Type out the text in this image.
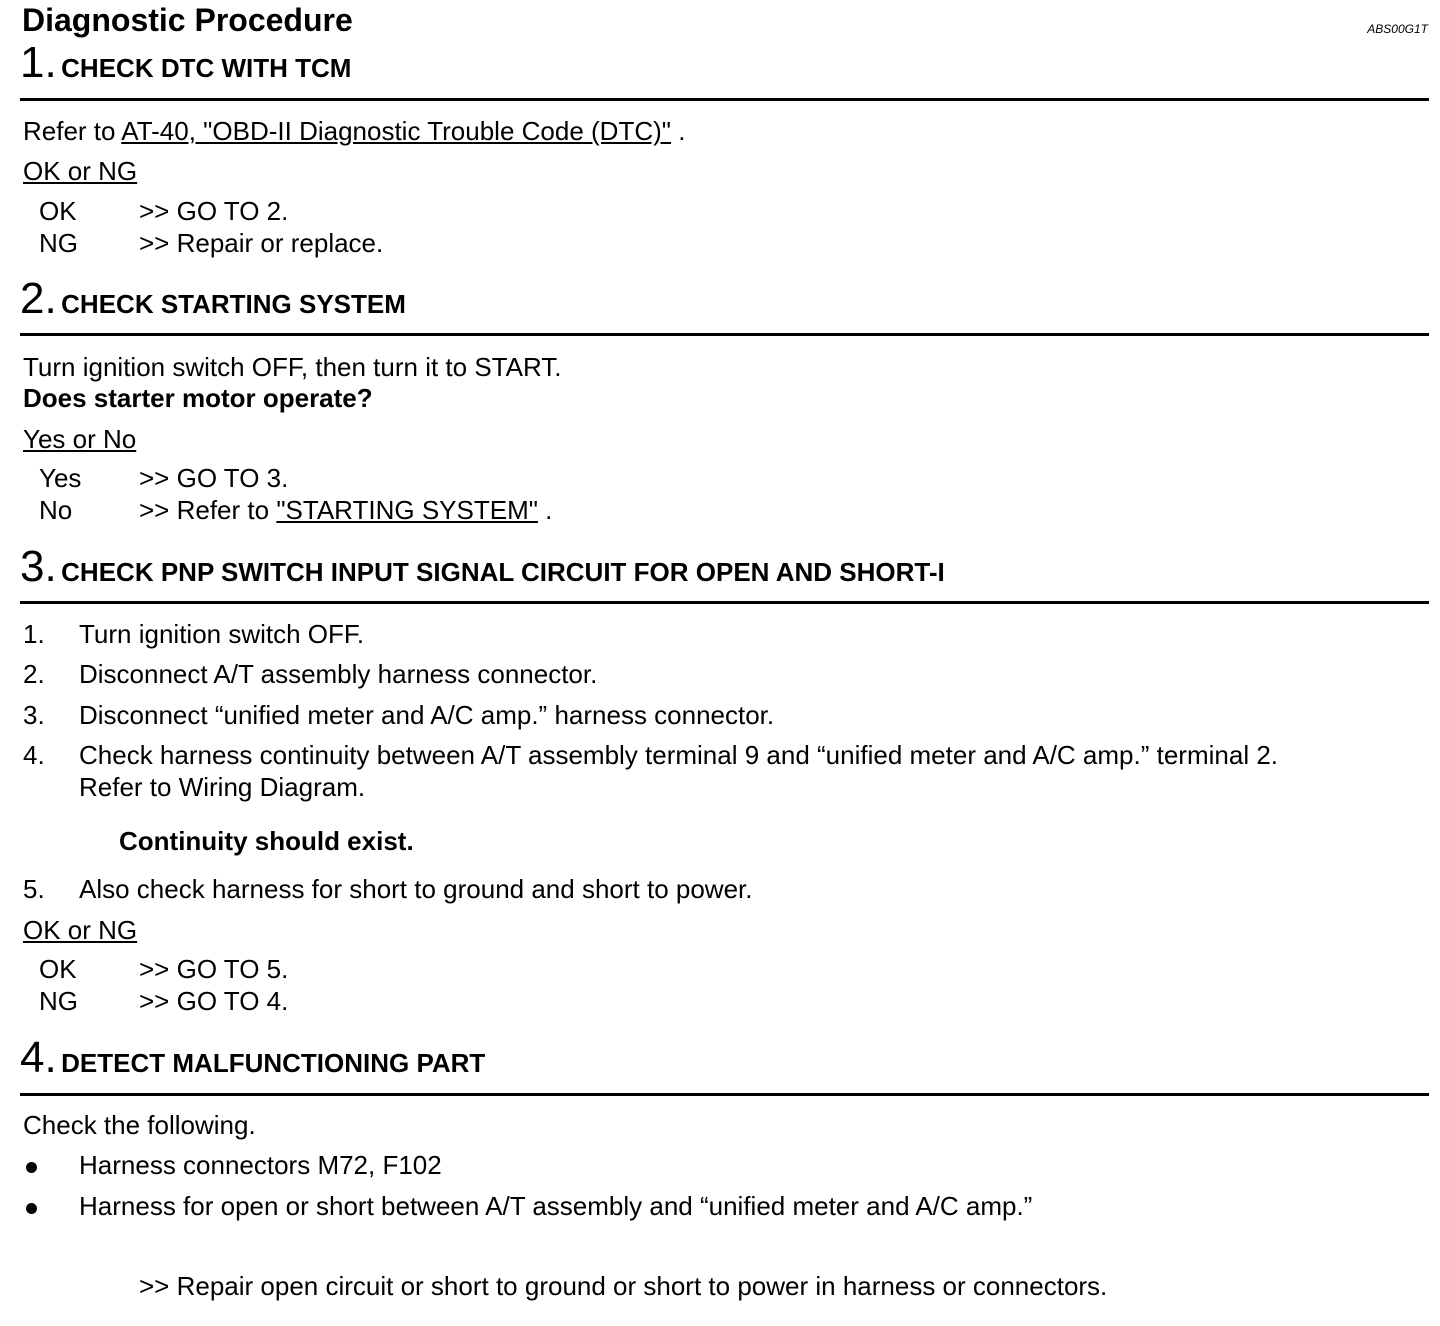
Diagnostic Procedure	ABS00G1T
1. CHECK DTC WITH TCM
Refer to AT-40, "OBD-II Diagnostic Trouble Code (DTC)" .
OK or NG
OK >> GO TO 2.
NG >> Repair or replace.
2. CHECK STARTING SYSTEM
Turn ignition switch OFF, then turn it to START.
Does starter motor operate?
Yes or No
Yes >> GO TO 3.
No	>> Refer to "STARTING SYSTEM" .
3. CHECK PNP SWITCH INPUT SIGNAL CIRCUIT FOR OPEN AND SHORT-I
1. Turn ignition switch OFF.
2. Disconnect A/T assembly harness connector.
3. Disconnect “unified meter and A/C amp.” harness connector.
4. Check harness continuity between A/T assembly terminal 9 and “unified meter and A/C amp.” terminal 2.
Refer to Wiring Diagram.
Continuity should exist.
5. Also check harness for short to ground and short to power.
OK or NG
OK >> GO TO 5.
NG >> GO TO 4.
4. DETECT MALFUNCTIONING PART
Check the following.
Harness connectors M72, F102
Harness for open or short between A/T assembly and “unified meter and A/C amp.”
>> Repair open circuit or short to ground or short to power in harness or connectors.
